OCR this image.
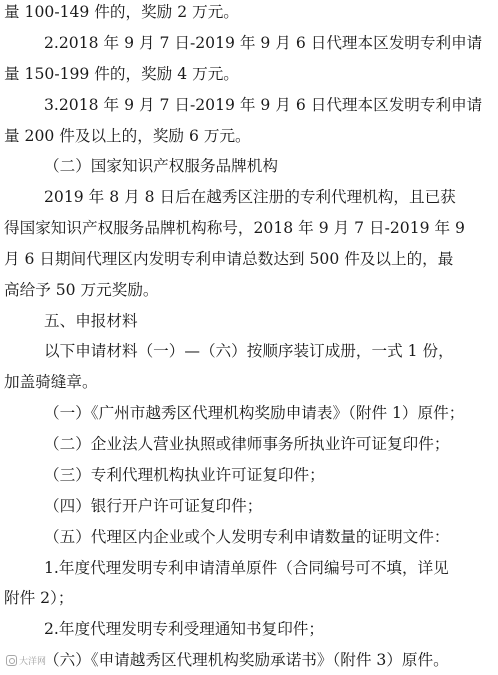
量 100-149 件的，奖励 2 万元。
2.2018 年 9 月 7 日-2019 年 9 月 6 日代理本区发明专利申请
量 150-199 件的，奖励 4 万元。
3.2018 年 9 月 7 日-2019 年 9 月 6 日代理本区发明专利申请
量 200 件及以上的，奖励 6 万元。
（二）国家知识产权服务品牌机构
2019 年 8 月 8 日后在越秀区注册的专利代理机构，且已获
得国家知识产权服务品牌机构称号，2018 年 9 月 7 日-2019 年 9
月 6 日期间代理区内发明专利申请总数达到 500 件及以上的，最
高给予 50 万元奖励。
五、申报材料
以下申请材料（一）—（六）按顺序装订成册，一式 1 份，
加盖骑缝章。
（一）《广州市越秀区代理机构奖励申请表》（附件 1）原件；
（二）企业法人营业执照或律师事务所执业许可证复印件；
（三）专利代理机构执业许可证复印件；
（四）银行开户许可证复印件；
（五）代理区内企业或个人发明专利申请数量的证明文件：
1.年度代理发明专利申请清单原件（合同编号可不填，详见
附件 2）；
2.年度代理发明专利受理通知书复印件；
（六）《申请越秀区代理机构奖励承诺书》（附件 3）原件。
大洋网
